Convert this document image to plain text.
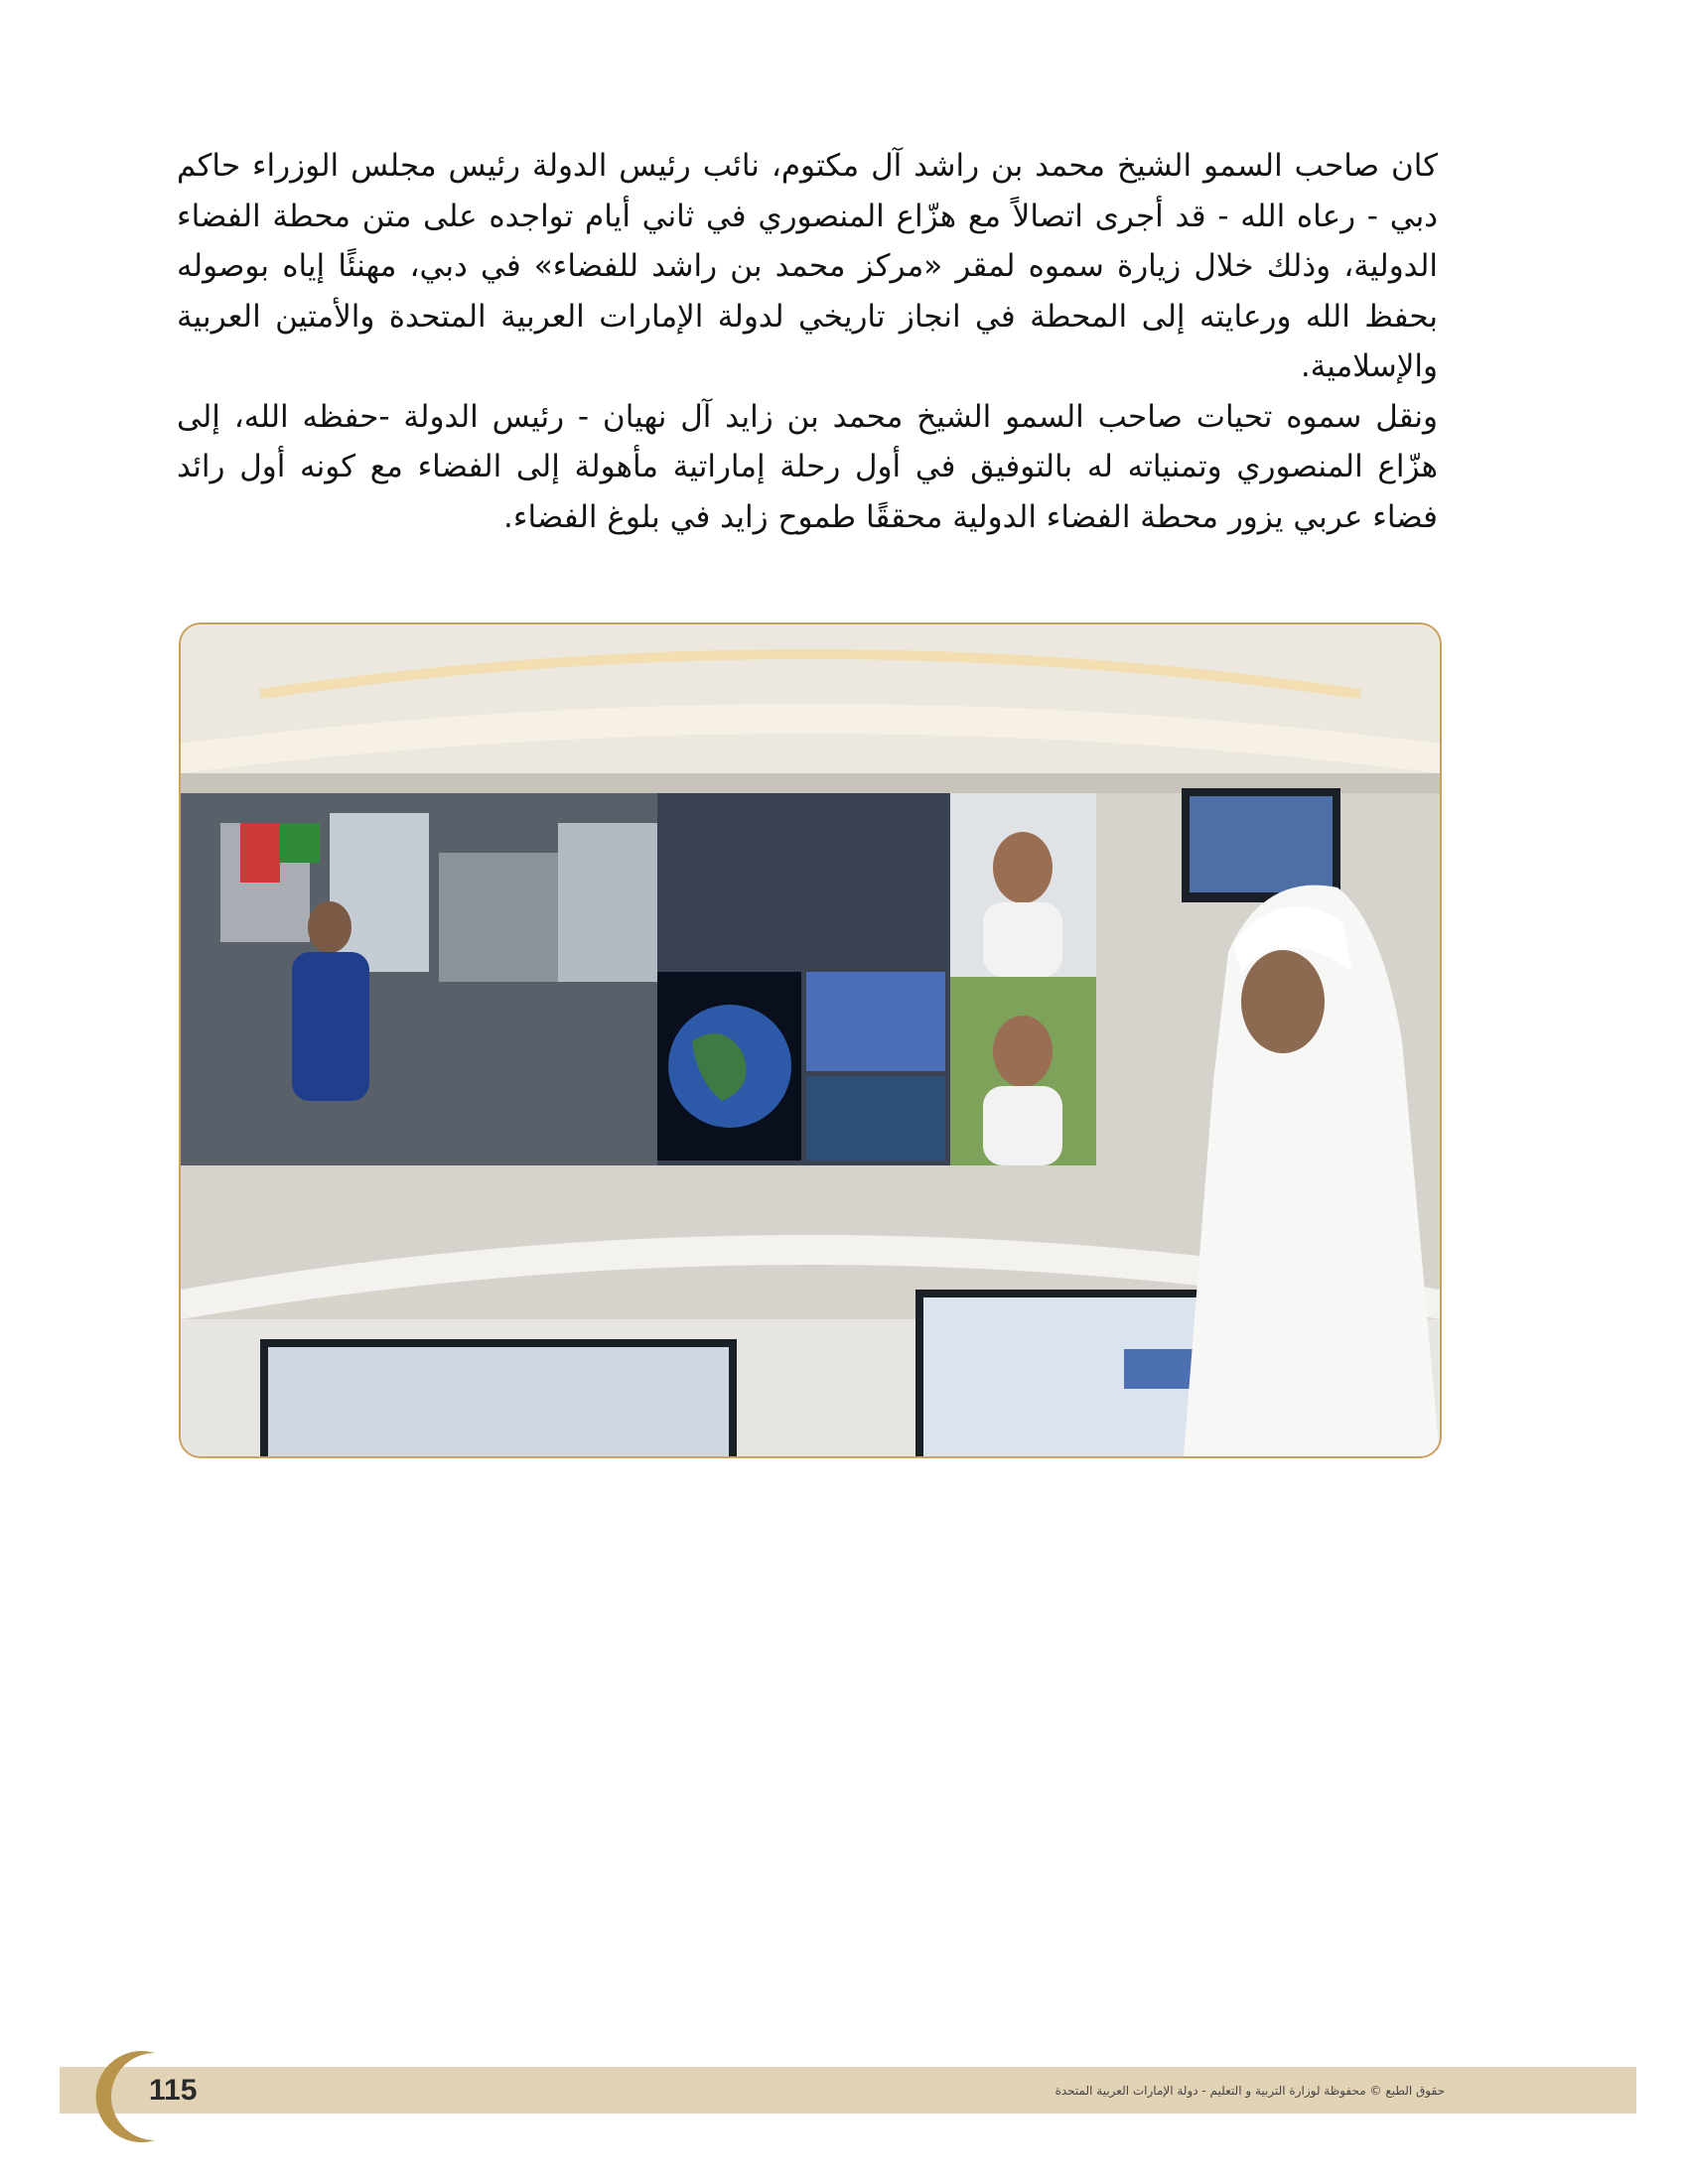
كان صاحب السمو الشيخ محمد بن راشد آل مكتوم، نائب رئيس الدولة رئيس مجلس الوزراء حاكم دبي - رعاه الله - قد أجرى اتصالاً مع هزّاع المنصوري في ثاني أيام تواجده على متن محطة الفضاء الدولية، وذلك خلال زيارة سموه لمقر «مركز محمد بن راشد للفضاء» في دبي، مهنئًا إياه بوصوله بحفظ الله ورعايته إلى المحطة في انجاز تاريخي لدولة الإمارات العربية المتحدة والأمتين العربية والإسلامية.

ونقل سموه تحيات صاحب السمو الشيخ محمد بن زايد آل نهيان - رئيس الدولة -حفظه الله، إلى هزّاع المنصوري وتمنياته له بالتوفيق في أول رحلة إماراتية مأهولة إلى الفضاء مع كونه أول رائد فضاء عربي يزور محطة الفضاء الدولية محققًا طموح زايد في بلوغ الفضاء.

115	حقوق الطبع © محفوظة لوزارة التربية و التعليم - دولة الإمارات العربية المتحدة
